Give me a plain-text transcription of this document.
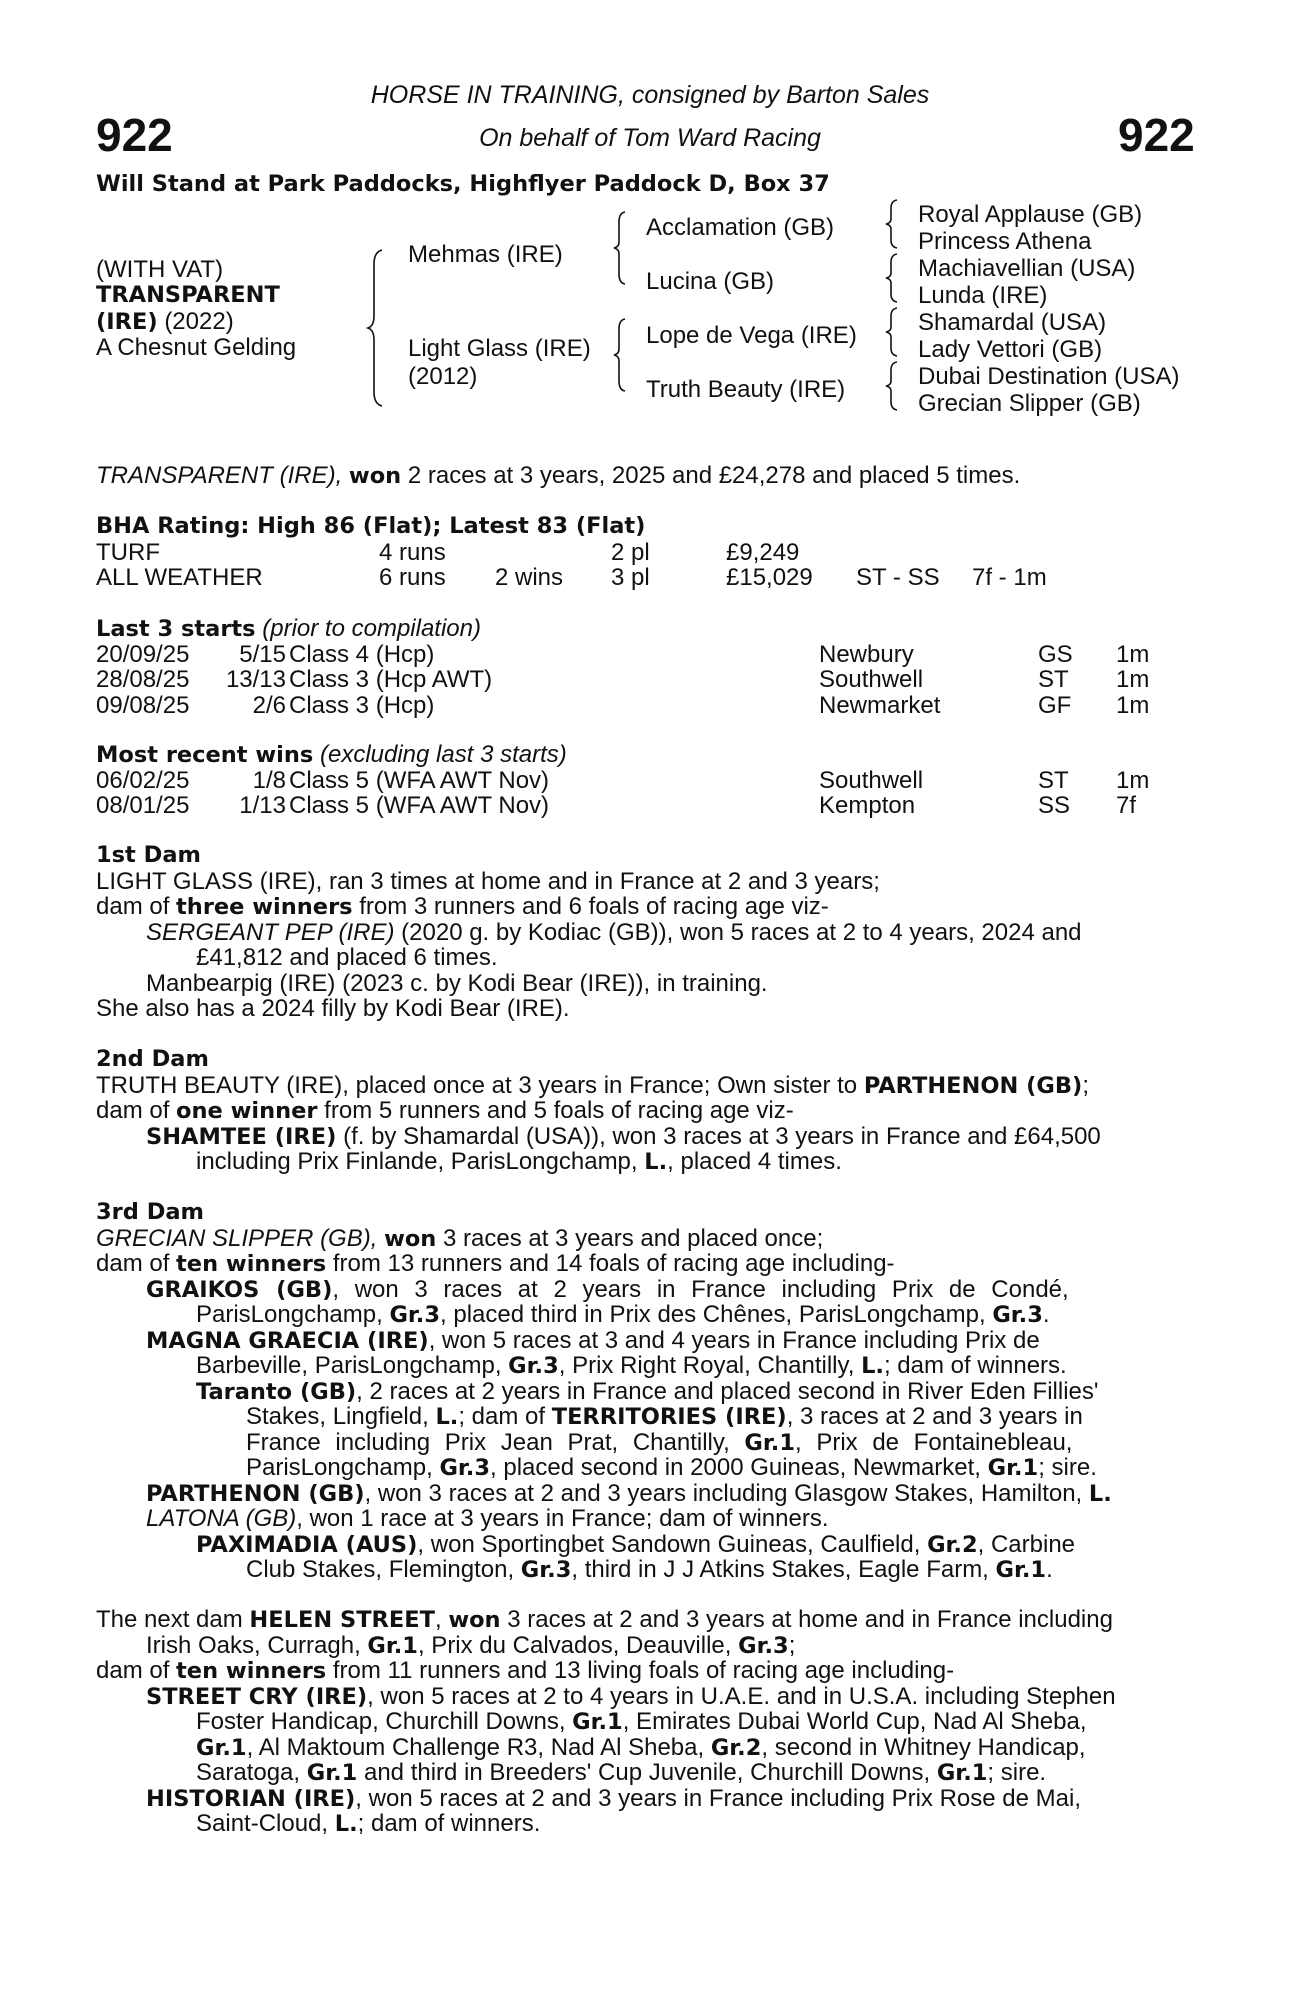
922	922
HORSE IN TRAINING, consigned by Barton Sales
On behalf of Tom Ward Racing
Will Stand at Park Paddocks, Highflyer Paddock D, Box 37
(WITH VAT)
TRANSPARENT
(IRE) (2022)
A Chesnut Gelding
Mehmas (IRE)
Light Glass (IRE)
(2012)
Acclamation (GB)
Lucina (GB)
Lope de Vega (IRE)
Truth Beauty (IRE)
Royal Applause (GB)
Princess Athena
Machiavellian (USA)
Lunda (IRE)
Shamardal (USA)
Lady Vettori (GB)
Dubai Destination (USA)
Grecian Slipper (GB)
TRANSPARENT (IRE), won 2 races at 3 years, 2025 and £24,278 and placed 5 times.
BHA Rating: High 86 (Flat); Latest 83 (Flat)
TURF	4 runs	2 pl	£9,249
ALL WEATHER	6 runs 2 wins 3 pl	£15,029 ST - SS 7f - 1m
Last 3 starts (prior to compilation)
20/09/25	5/15 Class 4 (Hcp)	Newbury	GS 1m
28/08/25	13/13 Class 3 (Hcp AWT)	Southwell	ST 1m
09/08/25	2/6 Class 3 (Hcp)	Newmarket	GF 1m
Most recent wins (excluding last 3 starts)
06/02/25	1/8 Class 5 (WFA AWT Nov)	Southwell	ST 1m
08/01/25	1/13 Class 5 (WFA AWT Nov)	Kempton	SS 7f
1st Dam
LIGHT GLASS (IRE), ran 3 times at home and in France at 2 and 3 years;
dam of three winners from 3 runners and 6 foals of racing age viz-
SERGEANT PEP (IRE) (2020 g. by Kodiac (GB)), won 5 races at 2 to 4 years, 2024 and
£41,812 and placed 6 times.
Manbearpig (IRE) (2023 c. by Kodi Bear (IRE)), in training.
She also has a 2024 filly by Kodi Bear (IRE).
2nd Dam
TRUTH BEAUTY (IRE), placed once at 3 years in France; Own sister to PARTHENON (GB);
dam of one winner from 5 runners and 5 foals of racing age viz-
SHAMTEE (IRE) (f. by Shamardal (USA)), won 3 races at 3 years in France and £64,500
including Prix Finlande, ParisLongchamp, L., placed 4 times.
3rd Dam
GRECIAN SLIPPER (GB), won 3 races at 3 years and placed once;
dam of ten winners from 13 runners and 14 foals of racing age including-
GRAIKOS (GB), won 3 races at 2 years in France including Prix de Condé,
ParisLongchamp, Gr.3, placed third in Prix des Chênes, ParisLongchamp, Gr.3.
MAGNA GRAECIA (IRE), won 5 races at 3 and 4 years in France including Prix de
Barbeville, ParisLongchamp, Gr.3, Prix Right Royal, Chantilly, L.; dam of winners.
Taranto (GB), 2 races at 2 years in France and placed second in River Eden Fillies'
Stakes, Lingfield, L.; dam of TERRITORIES (IRE), 3 races at 2 and 3 years in
France including Prix Jean Prat, Chantilly, Gr.1, Prix de Fontainebleau,
ParisLongchamp, Gr.3, placed second in 2000 Guineas, Newmarket, Gr.1; sire.
PARTHENON (GB), won 3 races at 2 and 3 years including Glasgow Stakes, Hamilton, L.
LATONA (GB), won 1 race at 3 years in France; dam of winners.
PAXIMADIA (AUS), won Sportingbet Sandown Guineas, Caulfield, Gr.2, Carbine
Club Stakes, Flemington, Gr.3, third in J J Atkins Stakes, Eagle Farm, Gr.1.
The next dam HELEN STREET, won 3 races at 2 and 3 years at home and in France including
Irish Oaks, Curragh, Gr.1, Prix du Calvados, Deauville, Gr.3;
dam of ten winners from 11 runners and 13 living foals of racing age including-
STREET CRY (IRE), won 5 races at 2 to 4 years in U.A.E. and in U.S.A. including Stephen
Foster Handicap, Churchill Downs, Gr.1, Emirates Dubai World Cup, Nad Al Sheba,
Gr.1, Al Maktoum Challenge R3, Nad Al Sheba, Gr.2, second in Whitney Handicap,
Saratoga, Gr.1 and third in Breeders' Cup Juvenile, Churchill Downs, Gr.1; sire.
HISTORIAN (IRE), won 5 races at 2 and 3 years in France including Prix Rose de Mai,
Saint-Cloud, L.; dam of winners.
